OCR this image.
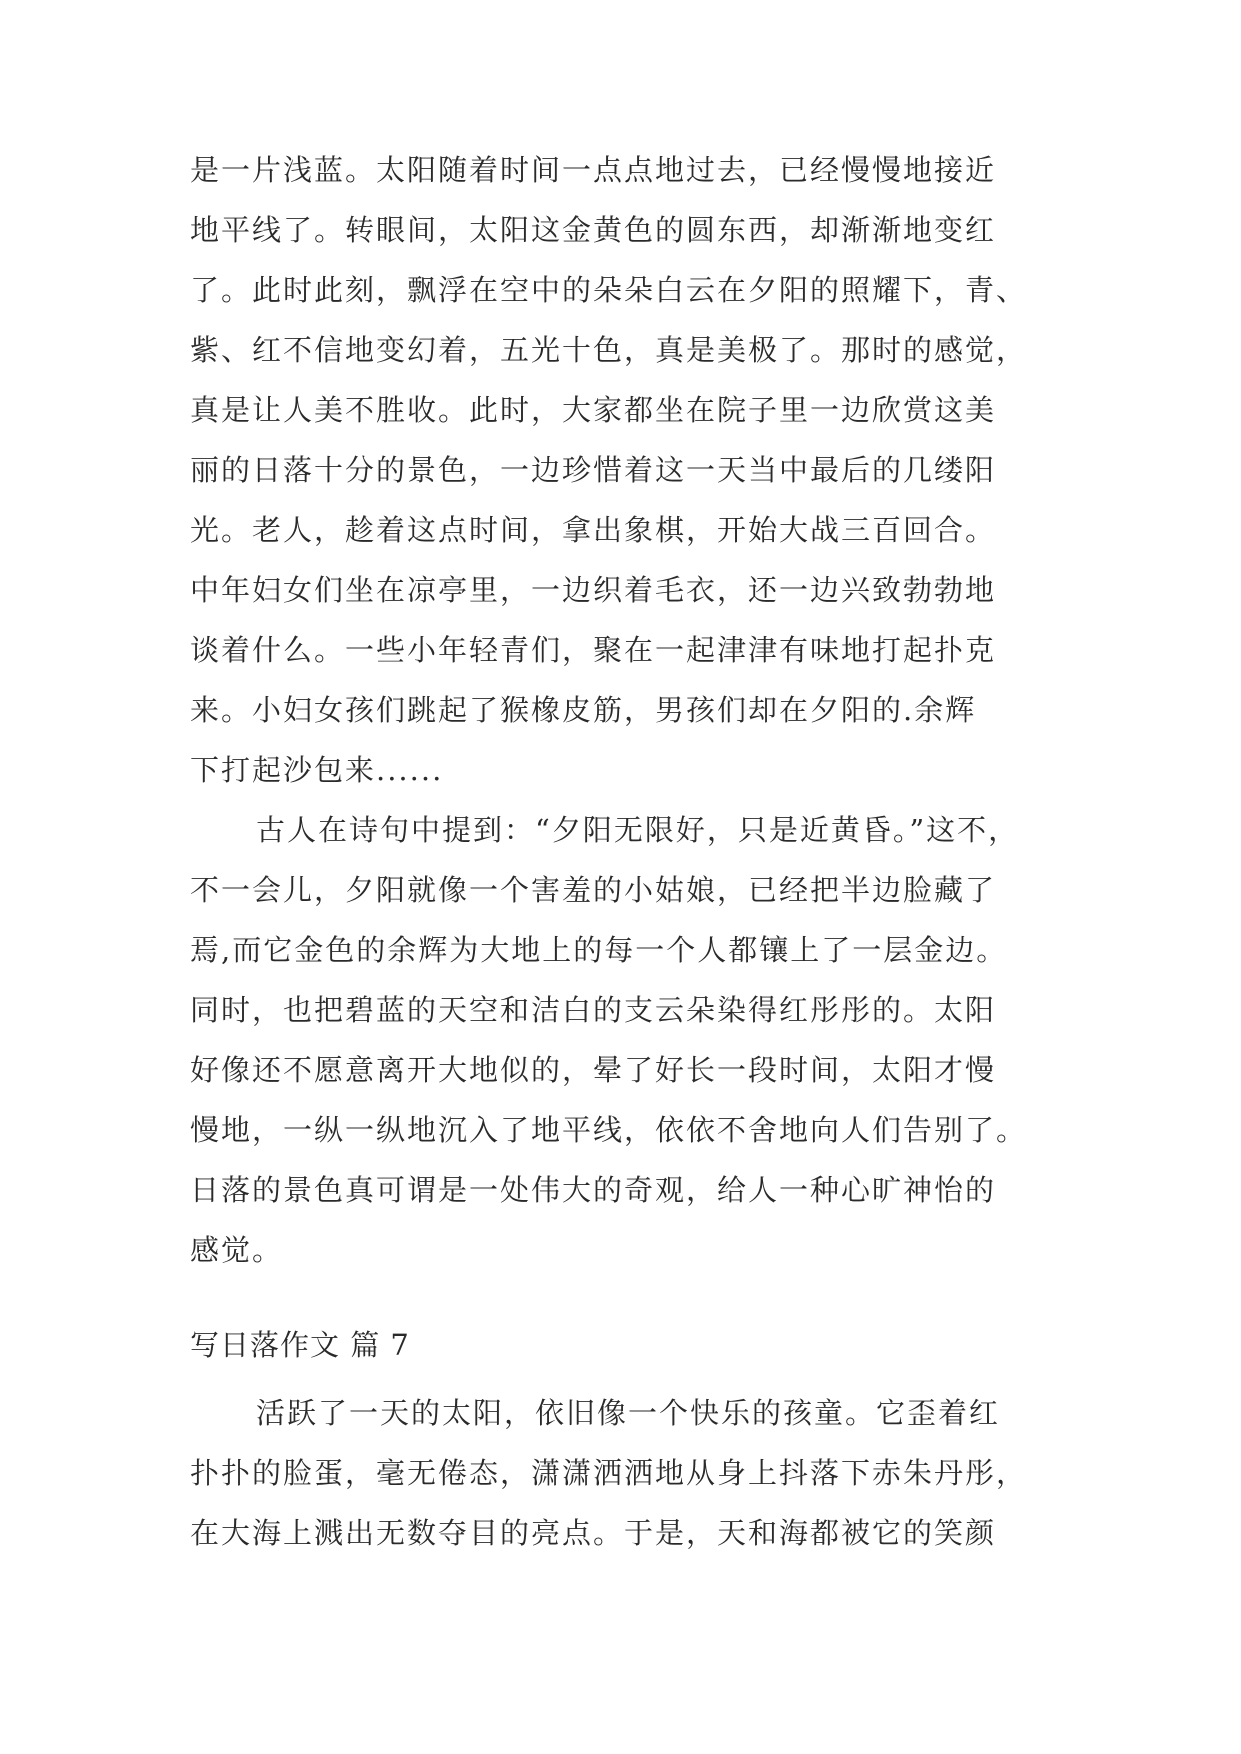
是一片浅蓝。太阳随着时间一点点地过去，已经慢慢地接近
地平线了。转眼间，太阳这金黄色的圆东西，却渐渐地变红
了。此时此刻，飘浮在空中的朵朵白云在夕阳的照耀下，青、
紫、红不信地变幻着，五光十色，真是美极了。那时的感觉，
真是让人美不胜收。此时，大家都坐在院子里一边欣赏这美
丽的日落十分的景色，一边珍惜着这一天当中最后的几缕阳
光。老人，趁着这点时间，拿出象棋，开始大战三百回合。
中年妇女们坐在凉亭里，一边织着毛衣，还一边兴致勃勃地
谈着什么。一些小年轻青们，聚在一起津津有味地打起扑克
来。小妇女孩们跳起了猴橡皮筋，男孩们却在夕阳的.余辉
下打起沙包来......
古人在诗句中提到：“夕阳无限好，只是近黄昏。”这不，
不一会儿，夕阳就像一个害羞的小姑娘，已经把半边脸藏了
焉,而它金色的余辉为大地上的每一个人都镶上了一层金边。
同时，也把碧蓝的天空和洁白的支云朵染得红彤彤的。太阳
好像还不愿意离开大地似的，晕了好长一段时间，太阳才慢
慢地，一纵一纵地沉入了地平线，依依不舍地向人们告别了。
日落的景色真可谓是一处伟大的奇观，给人一种心旷神怡的
感觉。
写日落作文 篇 7
活跃了一天的太阳，依旧像一个快乐的孩童。它歪着红
扑扑的脸蛋，毫无倦态，潇潇洒洒地从身上抖落下赤朱丹彤，
在大海上溅出无数夺目的亮点。于是，天和海都被它的笑颜
